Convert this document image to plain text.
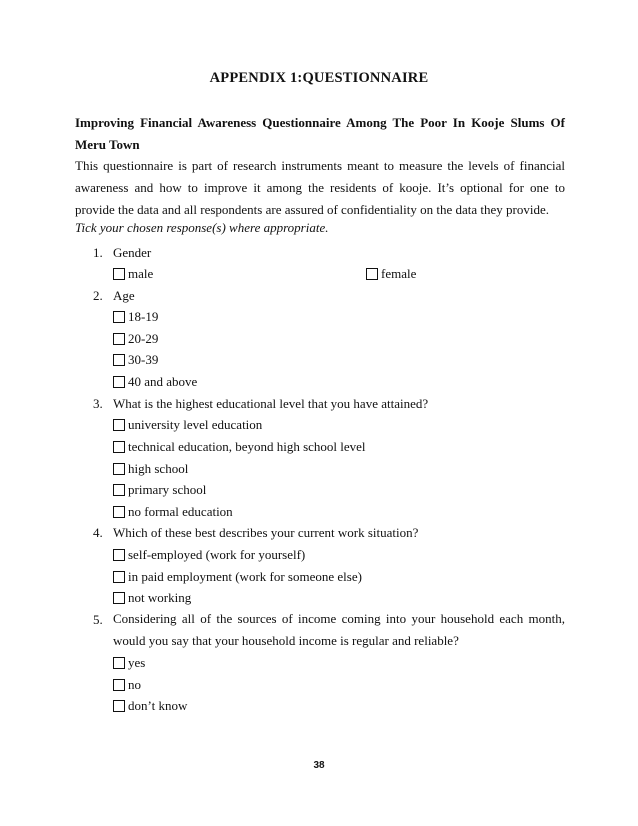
APPENDIX 1:QUESTIONNAIRE
Improving Financial Awareness Questionnaire Among The Poor In Kooje Slums Of Meru Town
This questionnaire is part of research instruments meant to measure the levels of financial awareness and how to improve it among the residents of kooje. It’s optional for one to provide the data and all respondents are assured of confidentiality on the data they provide.
Tick your chosen response(s) where appropriate.
1. Gender
male	female
2. Age
18-19
20-29
30-39
40 and above
3. What is the highest educational level that you have attained?
university level education
technical education, beyond high school level
high school
primary school
no formal education
4. Which of these best describes your current work situation?
self-employed (work for yourself)
in paid employment (work for someone else)
not working
5. Considering all of the sources of income coming into your household each month, would you say that your household income is regular and reliable?
yes
no
don’t know
38
